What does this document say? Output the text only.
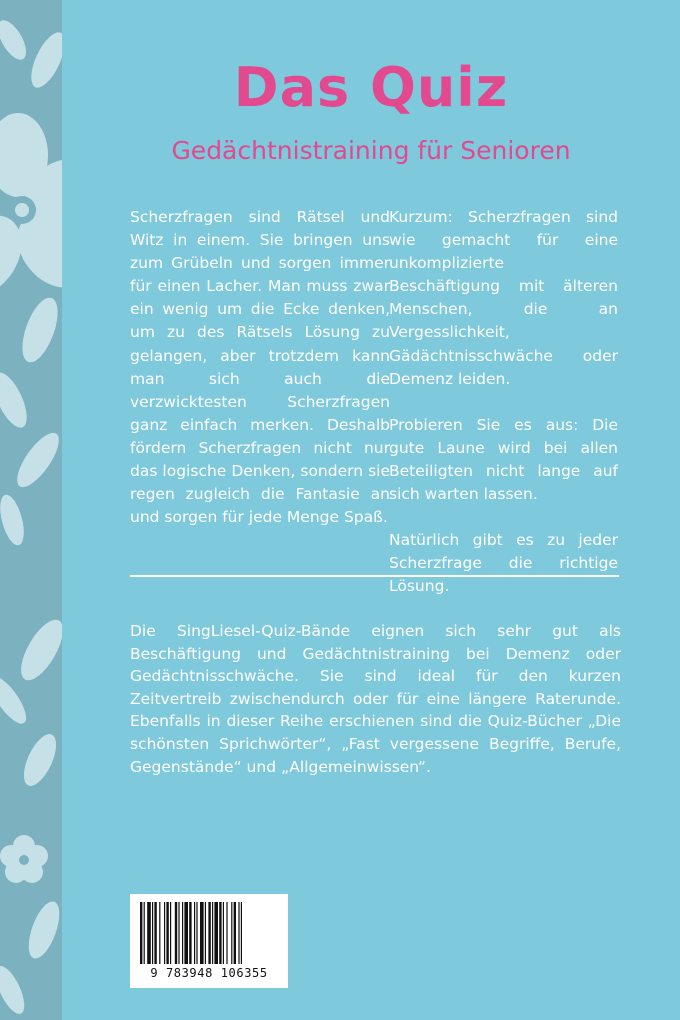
Das Quiz
Gedächtnistraining für Senioren

Scherzfragen sind Rätsel und Witz in einem. Sie bringen uns zum Grübeln und sorgen immer für einen Lacher. Man muss zwar ein wenig um die Ecke denken, um zu des Rätsels Lösung zu gelangen, aber trotzdem kann man sich auch die verzwicktesten Scherzfragen ganz einfach merken. Deshalb fördern Scherzfragen nicht nur das logische Denken, sondern sie regen zugleich die Fantasie an und sorgen für jede Menge Spaß.

Kurzum: Scherzfragen sind wie gemacht für eine unkomplizierte Beschäftigung mit älteren Menschen, die an Vergesslichkeit, Gädächtnisschwäche oder Demenz leiden.

Probieren Sie es aus: Die gute Laune wird bei allen Beteiligten nicht lange auf sich warten lassen.

Natürlich gibt es zu jeder Scherzfrage die richtige Lösung.

Die SingLiesel-Quiz-Bände eignen sich sehr gut als Beschäftigung und Gedächtnistraining bei Demenz oder Gedächtnisschwäche. Sie sind ideal für den kurzen Zeitvertreib zwischendurch oder für eine längere Raterunde. Ebenfalls in dieser Reihe erschienen sind die Quiz-Bücher „Die schönsten Sprichwörter“, „Fast vergessene Begriffe, Berufe, Gegenstände“ und „Allgemeinwissen“.

9 783948 106355
